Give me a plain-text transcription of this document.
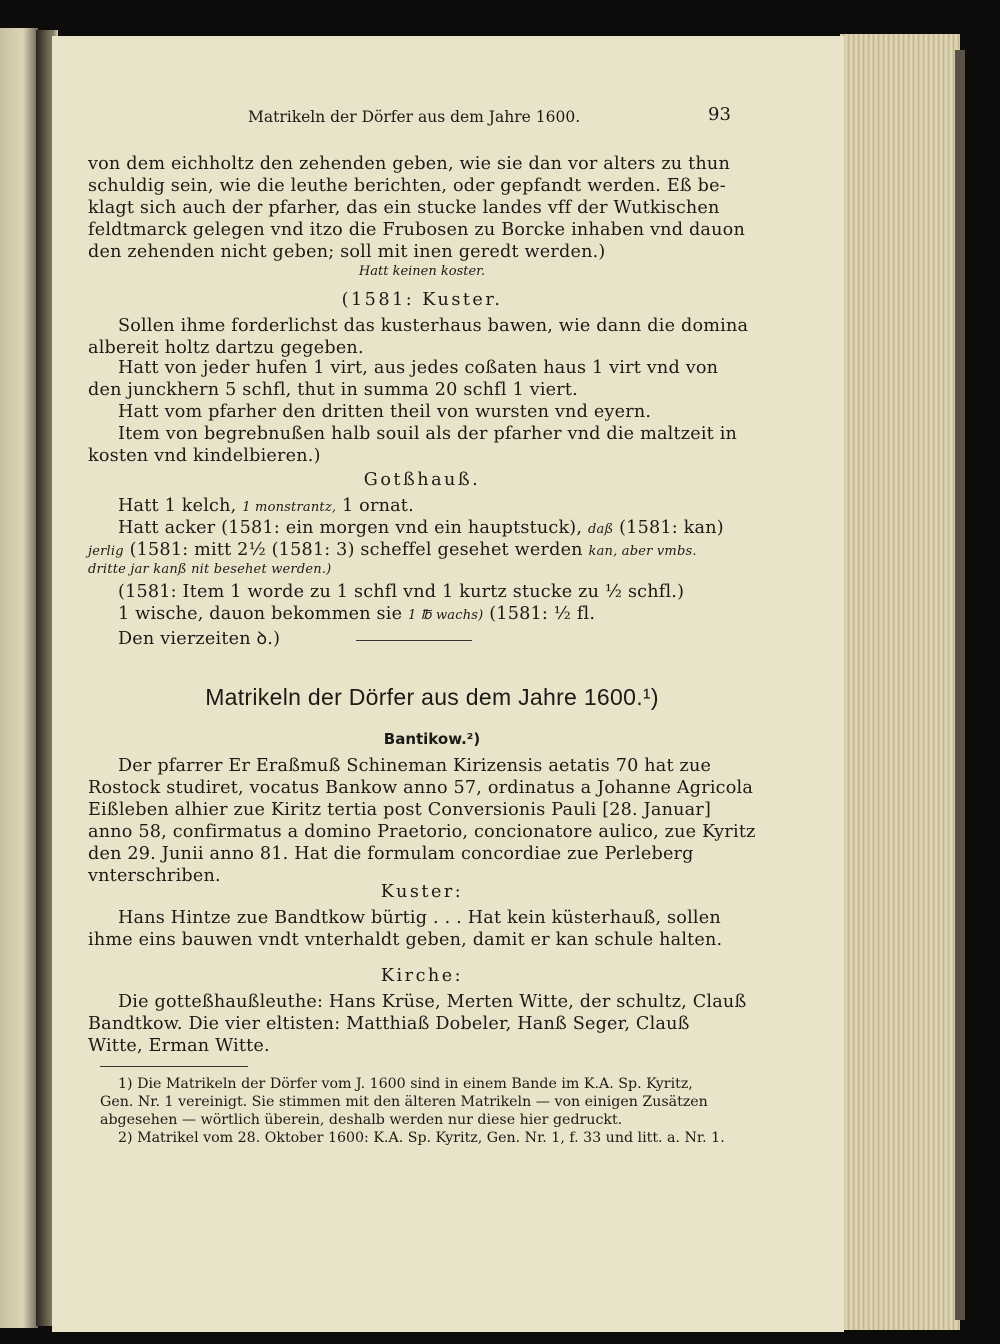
Matrikeln der Dörfer aus dem Jahre 1600.	93
von dem eichholtz den zehenden geben, wie sie dan vor alters zu thun
schuldig sein, wie die leuthe berichten, oder gepfandt werden. Eß be-
klagt sich auch der pfarher, das ein stucke landes vff der Wutkischen
feldtmarck gelegen vnd itzo die Frubosen zu Borcke inhaben vnd dauon
den zehenden nicht geben; soll mit inen geredt werden.)
Hatt keinen koster.
(1581: Kuster.
Sollen ihme forderlichst das kusterhaus bawen, wie dann die domina
albereit holtz dartzu gegeben.
Hatt von jeder hufen 1 virt, aus jedes coßaten haus 1 virt vnd von
den junckhern 5 schfl, thut in summa 20 schfl 1 viert.
Hatt vom pfarher den dritten theil von wursten vnd eyern.
Item von begrebnußen halb souil als der pfarher vnd die maltzeit in
kosten vnd kindelbieren.)
Gotßhauß.
Hatt 1 kelch, 1 monstrantz, 1 ornat.
Hatt acker (1581: ein morgen vnd ein hauptstuck), daß (1581: kan)
jerlig (1581: mitt 2½ (1581: 3) scheffel gesehet werden kan, aber vmbs.
dritte jar kanß nit besehet werden.)
(1581: Item 1 worde zu 1 schfl vnd 1 kurtz stucke zu ½ schfl.)
1 wische, dauon bekommen sie 1 ℔ wachs) (1581: ½ fl.
Den vierzeiten ꝺ.)
Matrikeln der Dörfer aus dem Jahre 1600.¹)
Bantikow.²)
Der pfarrer Er Eraßmuß Schineman Kirizensis aetatis 70 hat zue
Rostock studiret, vocatus Bankow anno 57, ordinatus a Johanne Agricola
Eißleben alhier zue Kiritz tertia post Conversionis Pauli [28. Januar]
anno 58, confirmatus a domino Praetorio, concionatore aulico, zue Kyritz
den 29. Junii anno 81. Hat die formulam concordiae zue Perleberg
vnterschriben.
Kuster:
Hans Hintze zue Bandtkow bürtig . . . Hat kein küsterhauß, sollen
ihme eins bauwen vndt vnterhaldt geben, damit er kan schule halten.
Kirche:
Die gotteßhaußleuthe: Hans Krüse, Merten Witte, der schultz, Clauß
Bandtkow. Die vier eltisten: Matthiaß Dobeler, Hanß Seger, Clauß
Witte, Erman Witte.
1) Die Matrikeln der Dörfer vom J. 1600 sind in einem Bande im K.A. Sp. Kyritz,
Gen. Nr. 1 vereinigt. Sie stimmen mit den älteren Matrikeln — von einigen Zusätzen
abgesehen — wörtlich überein, deshalb werden nur diese hier gedruckt.
2) Matrikel vom 28. Oktober 1600: K.A. Sp. Kyritz, Gen. Nr. 1, f. 33 und litt. a. Nr. 1.
